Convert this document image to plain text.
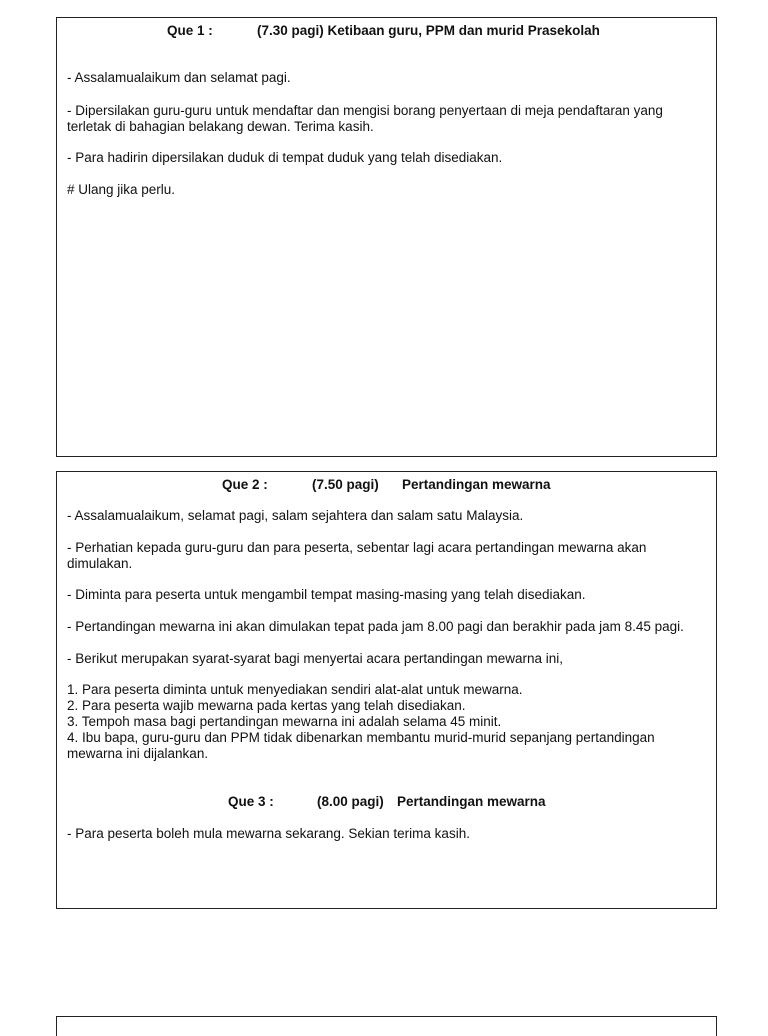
Que 1 :	(7.30 pagi) Ketibaan guru, PPM dan murid Prasekolah

- Assalamualaikum dan selamat pagi.

- Dipersilakan guru-guru untuk mendaftar dan mengisi borang penyertaan di meja pendaftaran yang terletak di bahagian belakang dewan. Terima kasih.

- Para hadirin dipersilakan duduk di tempat duduk yang telah disediakan.

# Ulang jika perlu.

Que 2 :	(7.50 pagi) Pertandingan mewarna

- Assalamualaikum, selamat pagi, salam sejahtera dan salam satu Malaysia.

- Perhatian kepada guru-guru dan para peserta, sebentar lagi acara pertandingan mewarna akan dimulakan.

- Diminta para peserta untuk mengambil tempat masing-masing yang telah disediakan.

- Pertandingan mewarna ini akan dimulakan tepat pada jam 8.00 pagi dan berakhir pada jam 8.45 pagi.

- Berikut merupakan syarat-syarat bagi menyertai acara pertandingan mewarna ini,

1. Para peserta diminta untuk menyediakan sendiri alat-alat untuk mewarna.

2. Para peserta wajib mewarna pada kertas yang telah disediakan.

3. Tempoh masa bagi pertandingan mewarna ini adalah selama 45 minit.

4. Ibu bapa, guru-guru dan PPM tidak dibenarkan membantu murid-murid sepanjang pertandingan mewarna ini dijalankan.

Que 3 :	(8.00 pagi) Pertandingan mewarna

- Para peserta boleh mula mewarna sekarang. Sekian terima kasih.
